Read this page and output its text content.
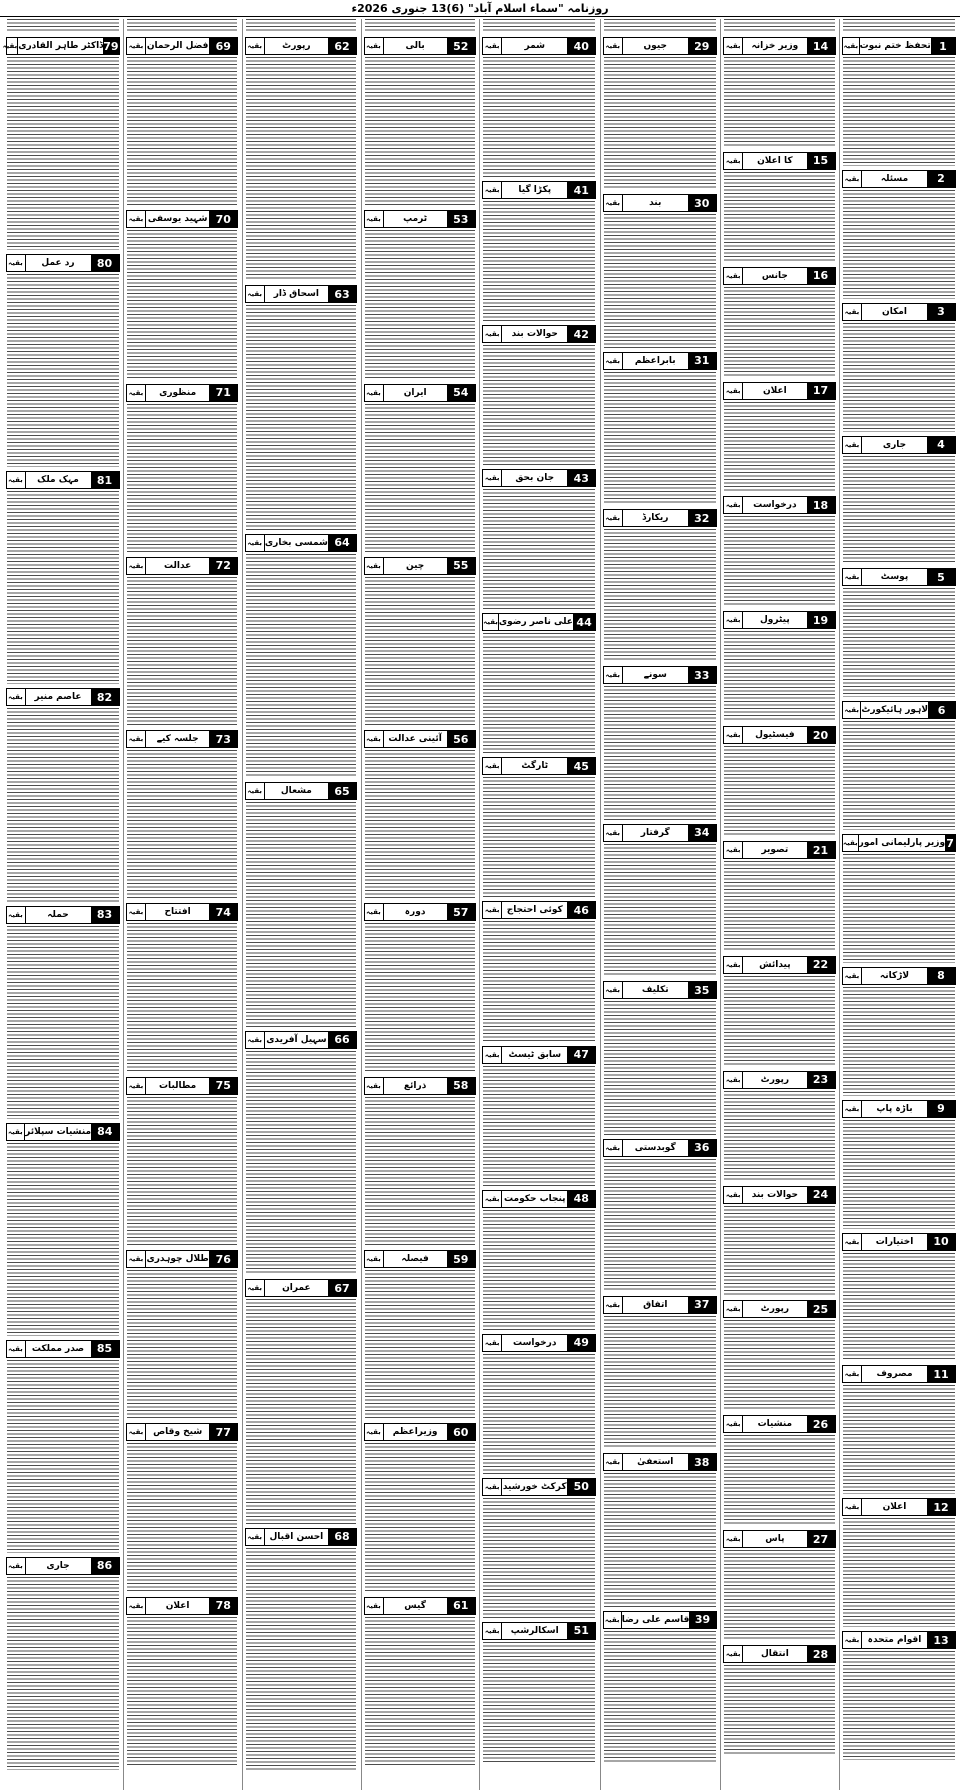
روزنامہ "سماء اسلام آباد" (6)13 جنوری 2026ء
1
تحفظ ختم نبوت
بقیہ
2
مسئلہ
بقیہ
3
امکان
بقیہ
4
جاری
بقیہ
5
پوسٹ
بقیہ
6
لاہور ہائیکورٹ
بقیہ
7
وزیر پارلیمانی امور
بقیہ
8
لاڑکانہ
بقیہ
9
باڑہ پاپ
بقیہ
10
اختیارات
بقیہ
11
مصروف
بقیہ
12
اعلان
بقیہ
13
اقوام متحدہ
بقیہ
14
وزیر خزانہ
بقیہ
15
کا اعلان
بقیہ
16
جانس
بقیہ
17
اعلان
بقیہ
18
درخواست
بقیہ
19
پیٹرول
بقیہ
20
فیسٹیول
بقیہ
21
تصویر
بقیہ
22
پیدائش
بقیہ
23
رپورٹ
بقیہ
24
حوالات بند
بقیہ
25
رپورٹ
بقیہ
26
منشیات
بقیہ
27
پاس
بقیہ
28
انتقال
بقیہ
29
جیوں
بقیہ
30
بند
بقیہ
31
بابراعظم
بقیہ
32
ریکارڈ
بقیہ
33
سونے
بقیہ
34
گرفتار
بقیہ
35
تکلیف
بقیہ
36
گوبدستی
بقیہ
37
اتفاق
بقیہ
38
استعفیٰ
بقیہ
39
قاسم علی رضا
بقیہ
40
شمر
بقیہ
41
پکڑا گیا
بقیہ
42
حوالات بند
بقیہ
43
جان بحق
بقیہ
44
علی ناصر رضوی
بقیہ
45
ٹارگٹ
بقیہ
46
کوئی احتجاج
بقیہ
47
سابق ٹیسٹ
بقیہ
48
پنجاب حکومت
بقیہ
49
درخواست
بقیہ
50
کرکٹ خورشید
بقیہ
51
اسکالرشپ
بقیہ
52
بالی
بقیہ
53
ٹرمپ
بقیہ
54
ایران
بقیہ
55
چین
بقیہ
56
آئینی عدالت
بقیہ
57
دورہ
بقیہ
58
ذرائع
بقیہ
59
فیصلہ
بقیہ
60
وزیراعظم
بقیہ
61
گیس
بقیہ
62
رپورٹ
بقیہ
63
اسحاق ڈار
بقیہ
64
شمسی بخاری
بقیہ
65
مشعال
بقیہ
66
سہیل آفریدی
بقیہ
67
عمران
بقیہ
68
احسن اقبال
بقیہ
69
فضل الرحمان
بقیہ
70
شہید یوسفی
بقیہ
71
منظوری
بقیہ
72
عدالت
بقیہ
73
جلسہ کیے
بقیہ
74
افتتاح
بقیہ
75
مطالبات
بقیہ
76
طلال چوہدری
بقیہ
77
شیخ وقاص
بقیہ
78
اعلان
بقیہ
79
ڈاکٹر طاہر القادری
بقیہ
80
رد عمل
بقیہ
81
مہک ملک
بقیہ
82
عاصم منیر
بقیہ
83
حملہ
بقیہ
84
منشیات سپلائر
بقیہ
85
صدر مملکت
بقیہ
86
جاری
بقیہ
